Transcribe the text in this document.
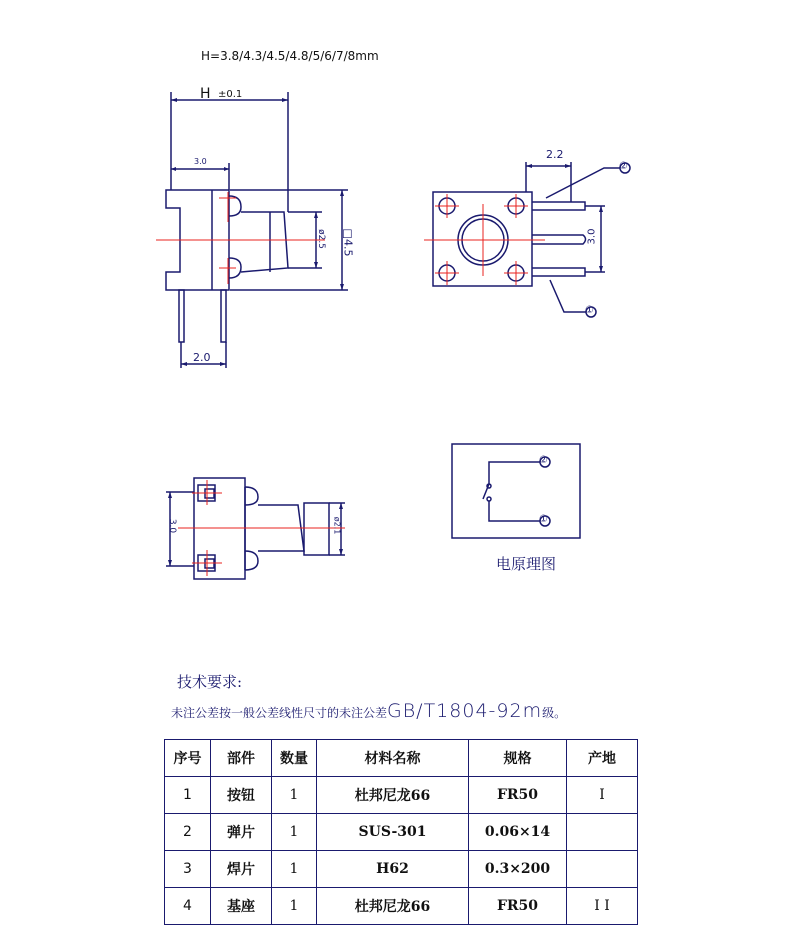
H=3.8/4.3/4.5/4.8/5/6/7/8mm
H ±0.1
3.0
2.0
ø2.5 □4.5
2.2
3.0
②
①
3.0	ø2.1
②
①
电原理图
技术要求:
未注公差按一般公差线性尺寸的未注公差GB/T1804-92m级。
序号	部件	数量	材料名称	规格	产地
1	按钮	1	杜邦尼龙66	FR50	I
2	弹片	1	SUS-301	0.06×14	
3	焊片	1	H62	0.3×200	
4	基座	1	杜邦尼龙66	FR50	I I
